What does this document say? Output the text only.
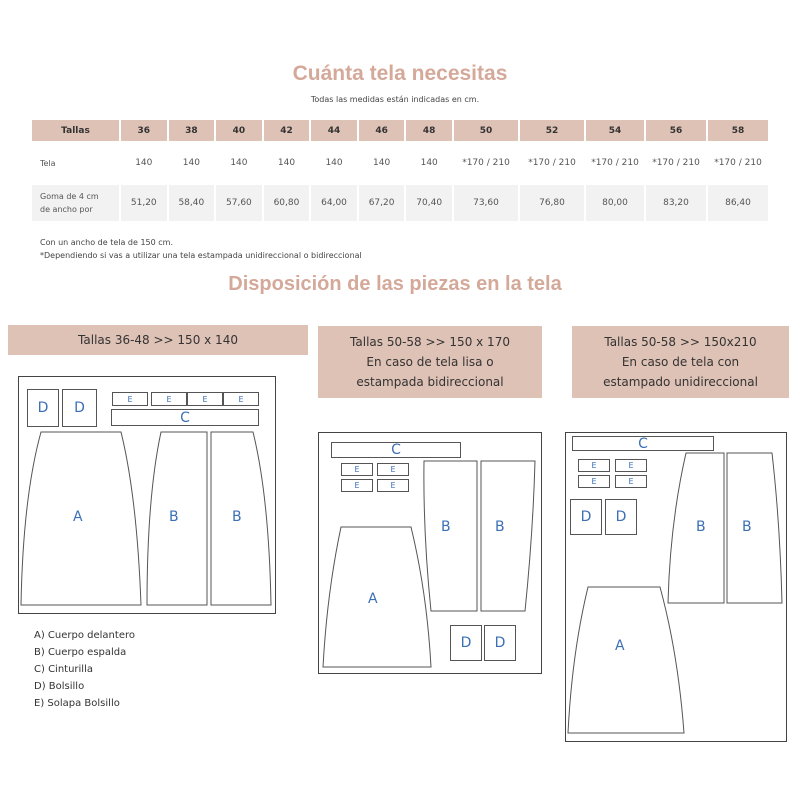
Cuánta tela necesitas
Todas las medidas están indicadas en cm.
Tallas	36	38	40	42	44	46	48	50	52	54	56	58
Tela	140	140	140	140	140	140	140	*170 / 210	*170 / 210	*170 / 210	*170 / 210	*170 / 210
Goma de 4 cm
de ancho por	51,20	58,40	57,60	60,80	64,00	67,20	70,40	73,60	76,80	80,00	83,20	86,40
Con un ancho de tela de 150 cm.
*Dependiendo si vas a utilizar una tela estampada unidireccional o bidireccional
Disposición de las piezas en la tela
Tallas 36-48 >> 150 x 140	Tallas 50-58 >> 150 x 170
En caso de tela lisa o
estampada bidireccional
Tallas 50-58 >> 150x210
En caso de tela con
estampado unidireccional
D	D
E	E	E	E
C
A	B	B
C
E	E
E	E
D	D
B	B
A
C
E	E
E	E
D	D
B	B
A
A) Cuerpo delantero
B) Cuerpo espalda
C) Cinturilla
D) Bolsillo
E) Solapa Bolsillo
